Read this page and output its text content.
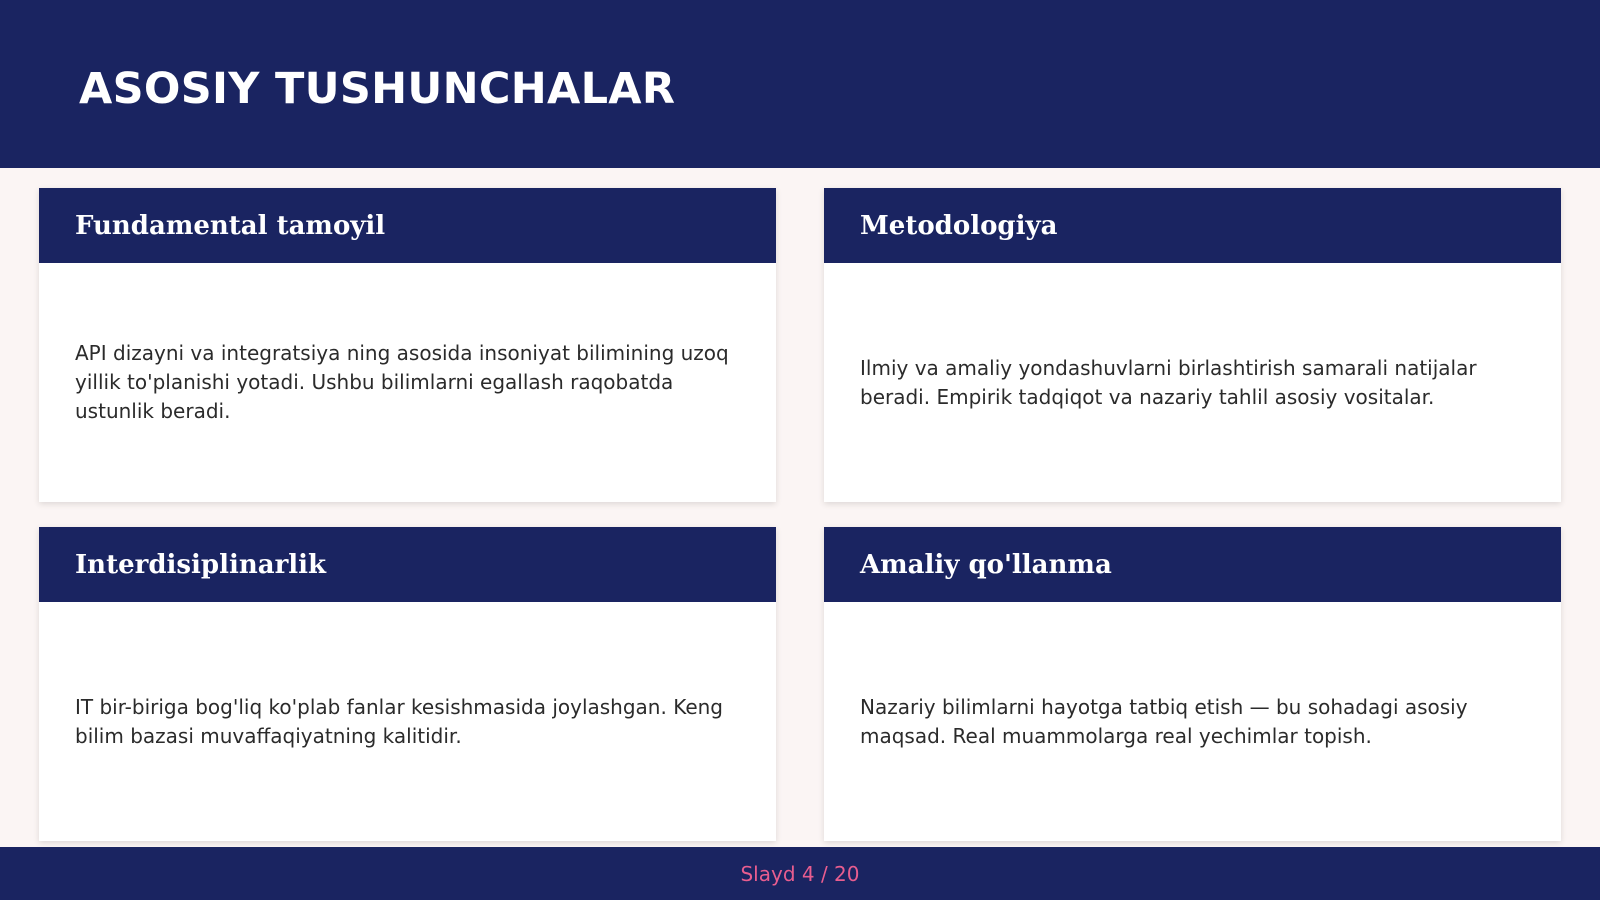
ASOSIY TUSHUNCHALAR
Fundamental tamoyil

API dizayni va integratsiya ning asosida insoniyat bilimining uzoq yillik to'planishi yotadi. Ushbu bilimlarni egallash raqobatda ustunlik beradi.

Metodologiya

Ilmiy va amaliy yondashuvlarni birlashtirish samarali natijalar beradi. Empirik tadqiqot va nazariy tahlil asosiy vositalar.

Interdisiplinarlik

IT bir-biriga bog'liq ko'plab fanlar kesishmasida joylashgan. Keng bilim bazasi muvaffaqiyatning kalitidir.

Amaliy qo'llanma

Nazariy bilimlarni hayotga tatbiq etish — bu sohadagi asosiy maqsad. Real muammolarga real yechimlar topish.

Slayd 4 / 20
